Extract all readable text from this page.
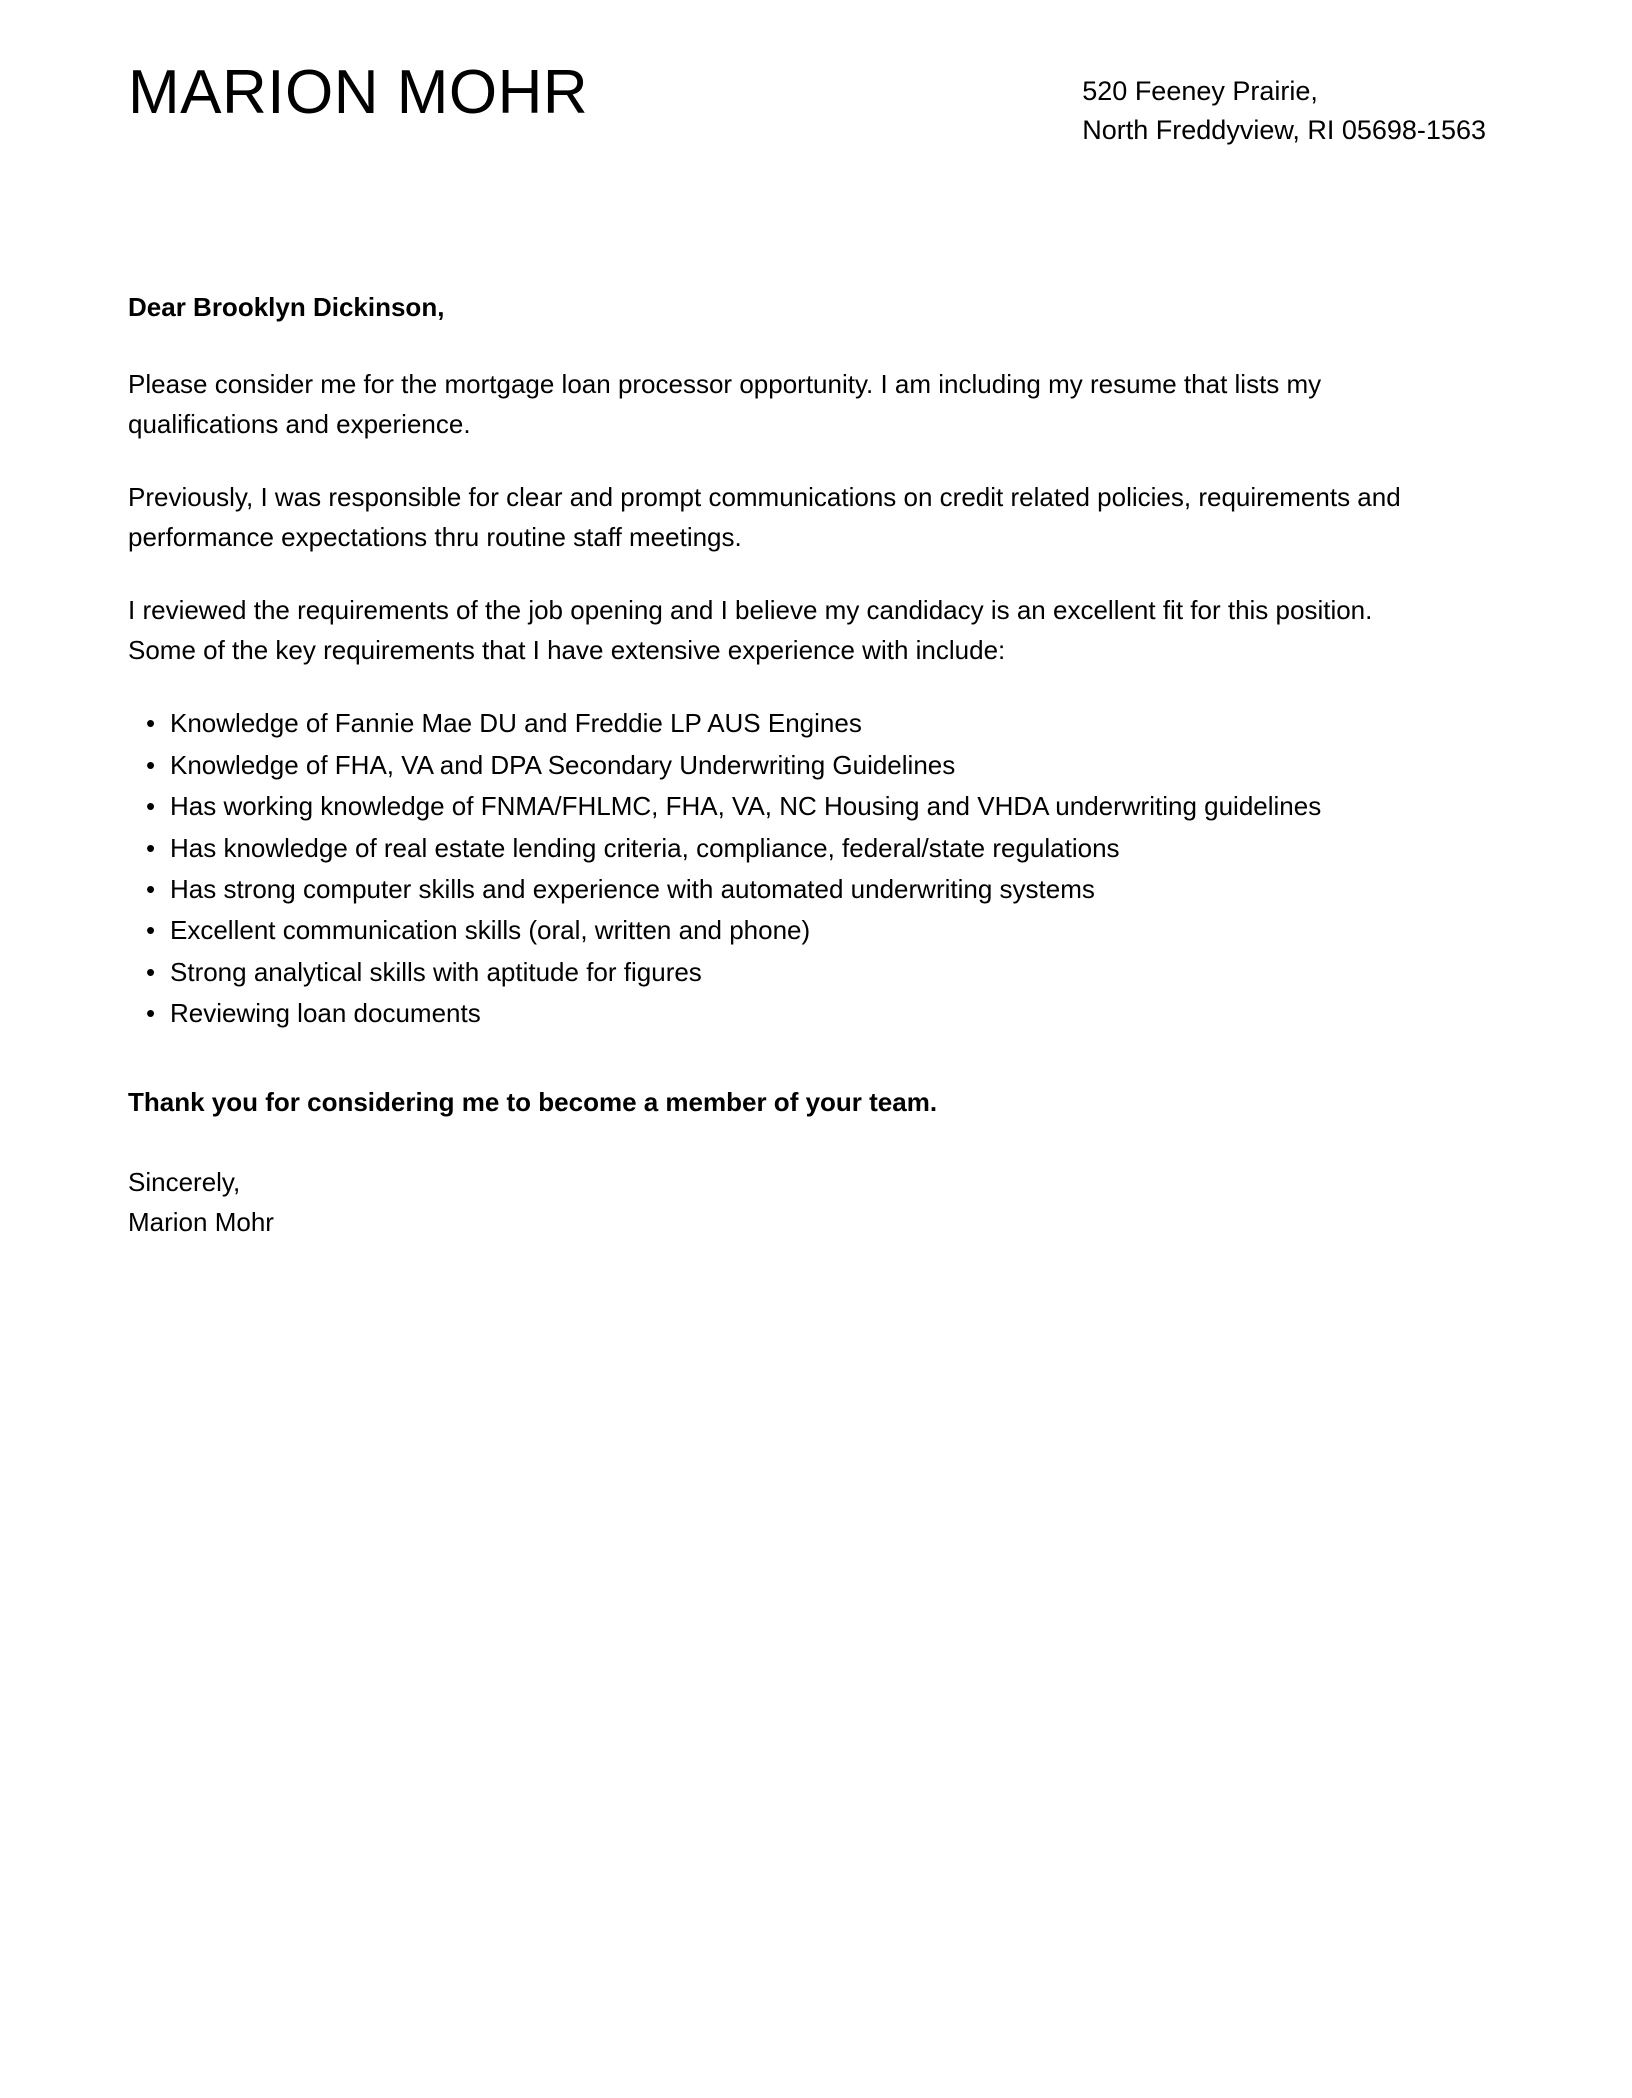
MARION MOHR	520 Feeney Prairie,
North Freddyview, RI 05698-1563
Dear Brooklyn Dickinson,

Please consider me for the mortgage loan processor opportunity. I am including my resume that lists my qualifications and experience.

Previously, I was responsible for clear and prompt communications on credit related policies, requirements and performance expectations thru routine staff meetings.

I reviewed the requirements of the job opening and I believe my candidacy is an excellent fit for this position. Some of the key requirements that I have extensive experience with include:

• Knowledge of Fannie Mae DU and Freddie LP AUS Engines
• Knowledge of FHA, VA and DPA Secondary Underwriting Guidelines
• Has working knowledge of FNMA/FHLMC, FHA, VA, NC Housing and VHDA underwriting guidelines
• Has knowledge of real estate lending criteria, compliance, federal/state regulations
• Has strong computer skills and experience with automated underwriting systems
• Excellent communication skills (oral, written and phone)
• Strong analytical skills with aptitude for figures
• Reviewing loan documents
Thank you for considering me to become a member of your team.
Sincerely,
Marion Mohr
